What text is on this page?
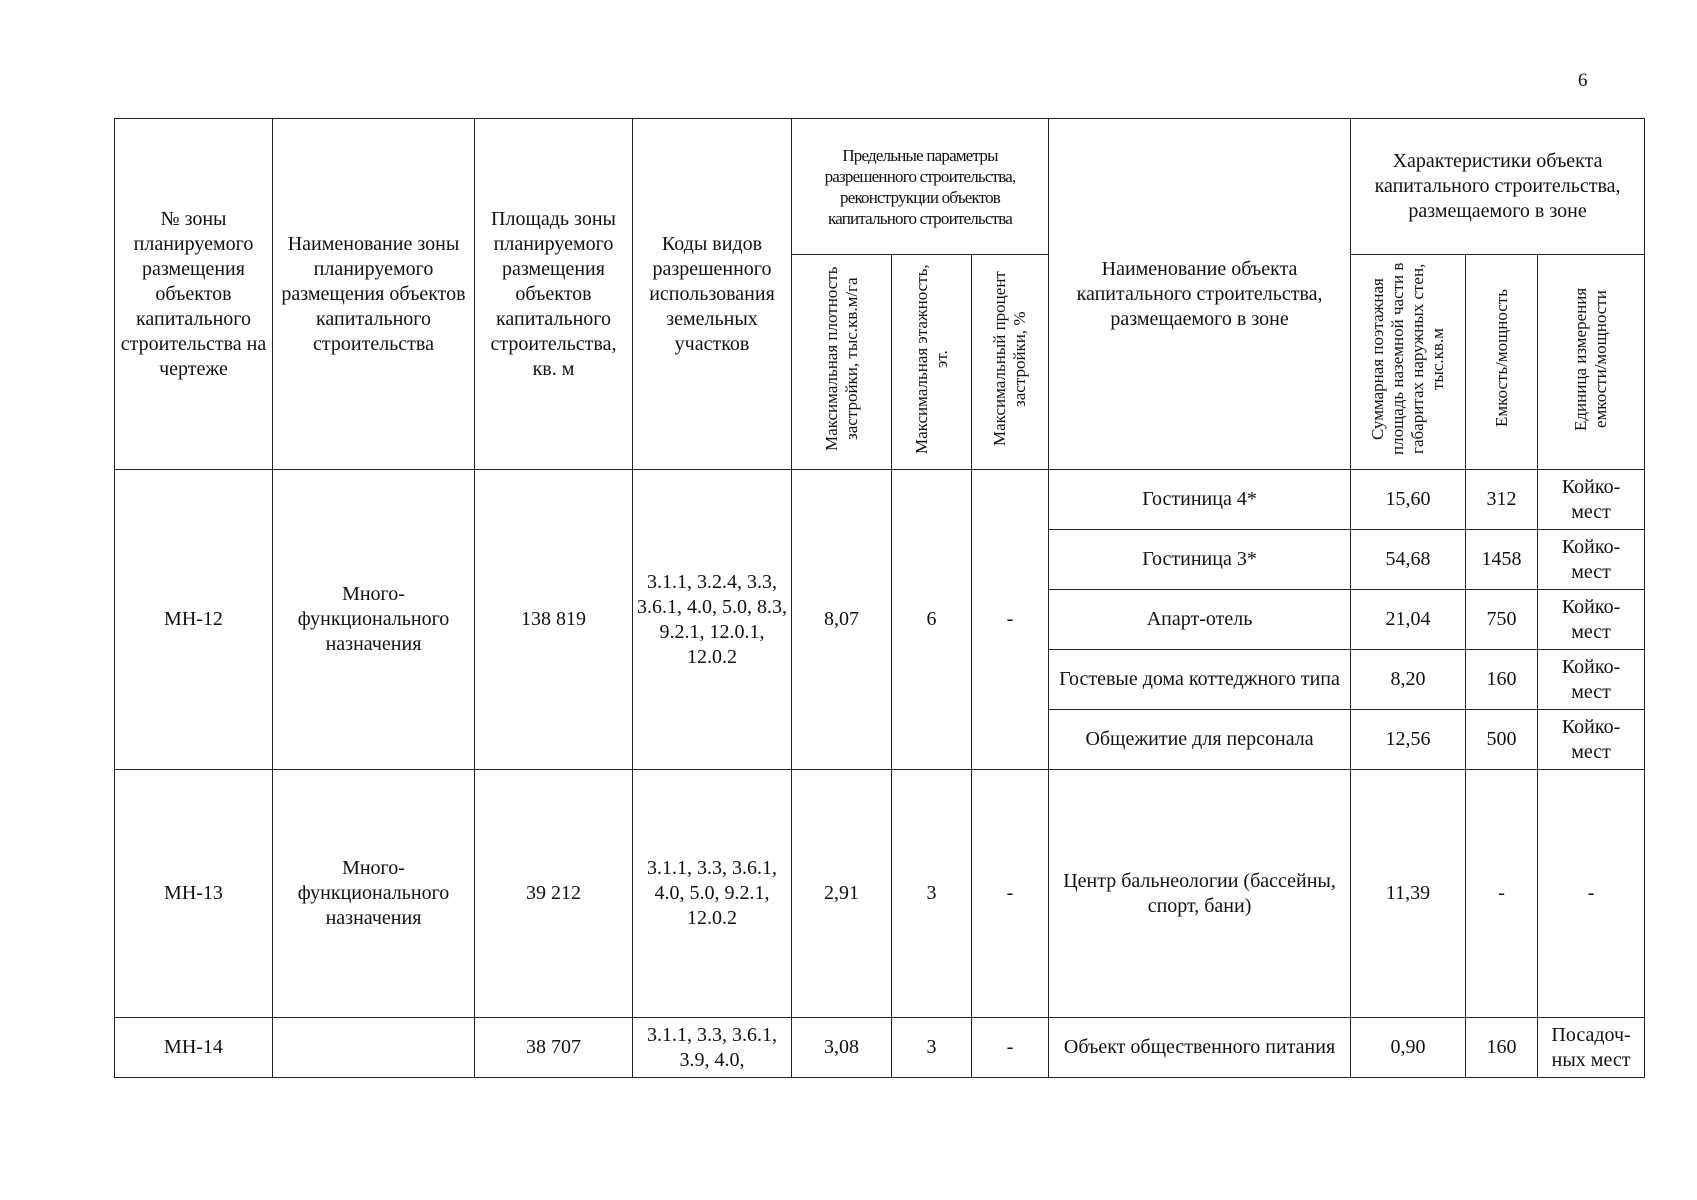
6
№ зоны планируемого размещения объектов капитального строительства на чертеже	Наименование зоны планируемого размещения объектов капитального строительства	Площадь зоны планируемого размещения объектов капитального строительства, кв. м	Коды видов разрешенного использования земельных участков	Предельные параметры разрешенного строительства, реконструкции объектов капитального строительства			Наименование объекта капитального строительства, размещаемого в зоне	Характеристики объекта капитального строительства, размещаемого в зоне		
				Максимальная плотность застройки, тыс.кв.м/га	Максимальная этажность, эт.	Максимальный процент застройки, %		Суммарная поэтажная площадь наземной части в габаритах наружных стен, тыс.кв.м	Емкость/мощность	Единица измерения емкости/мощности
МН-12	Много-функционального назначения	138 819	3.1.1, 3.2.4, 3.3, 3.6.1, 4.0, 5.0, 8.3, 9.2.1, 12.0.1, 12.0.2	8,07	6	-	Гостиница 4*	15,60	312	Койко-мест
							Гостиница 3*	54,68	1458	Койко-мест
							Апарт-отель	21,04	750	Койко-мест
							Гостевые дома коттеджного типа	8,20	160	Койко-мест
							Общежитие для персонала	12,56	500	Койко-мест
МН-13	Много-функционального назначения	39 212	3.1.1, 3.3, 3.6.1, 4.0, 5.0, 9.2.1, 12.0.2	2,91	3	-	Центр бальнеологии (бассейны, спорт, бани)	11,39	-	-
МН-14		38 707	3.1.1, 3.3, 3.6.1, 3.9, 4.0,	3,08	3	-	Объект общественного питания	0,90	160	Посадоч-ных мест
